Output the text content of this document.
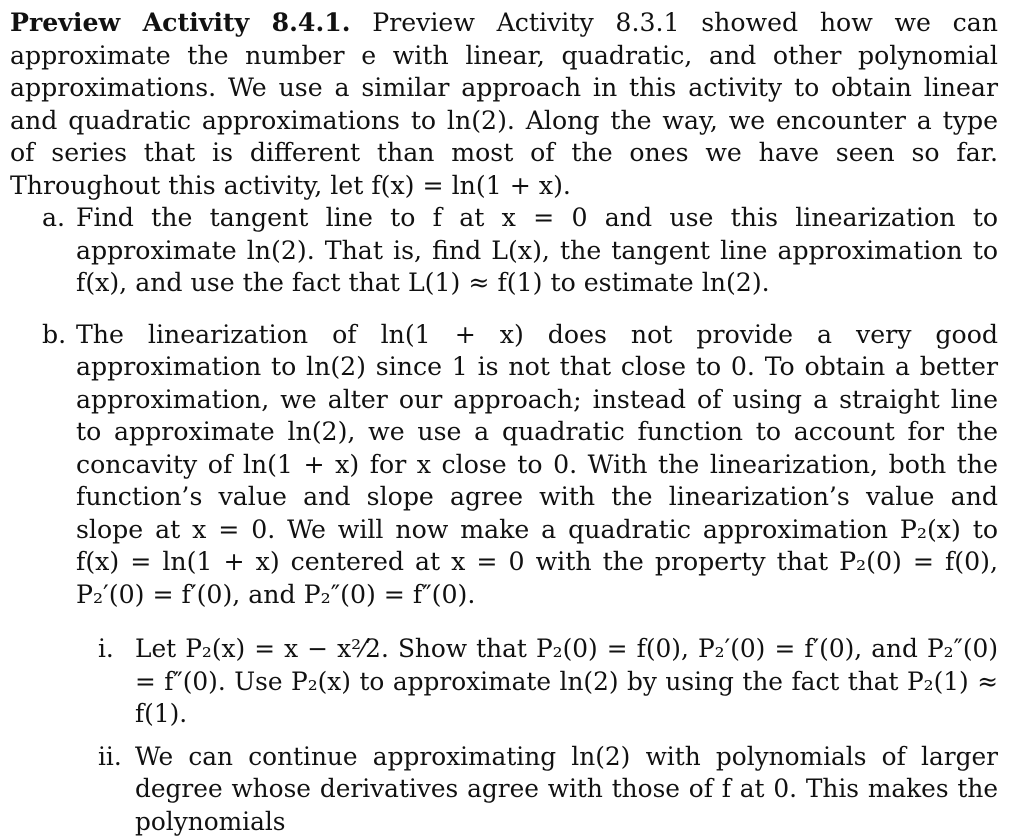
Preview Activity 8.4.1. Preview Activity 8.3.1 showed how we can approximate the number e with linear, quadratic, and other polynomial approximations. We use a similar approach in this activity to obtain linear and quadratic approximations to ln(2). Along the way, we encounter a type of series that is different than most of the ones we have seen so far. Throughout this activity, let f(x) = ln(1 + x).

a. Find the tangent line to f at x = 0 and use this linearization to approximate ln(2). That is, find L(x), the tangent line approximation to f(x), and use the fact that L(1) ≈ f(1) to estimate ln(2).
b. The linearization of ln(1 + x) does not provide a very good approximation to ln(2) since 1 is not that close to 0. To obtain a better approximation, we alter our approach; instead of using a straight line to approximate ln(2), we use a quadratic function to account for the concavity of ln(1 + x) for x close to 0. With the linearization, both the function’s value and slope agree with the linearization’s value and slope at x = 0. We will now make a quadratic approximation P₂(x) to f(x) = ln(1 + x) centered at x = 0 with the property that P₂(0) = f(0), P₂′(0) = f′(0), and P₂″(0) = f″(0).
i. Let P₂(x) = x − x²⁄2. Show that P₂(0) = f(0), P₂′(0) = f′(0), and P₂″(0) = f″(0). Use P₂(x) to approximate ln(2) by using the fact that P₂(1) ≈ f(1).
ii. We can continue approximating ln(2) with polynomials of larger degree whose derivatives agree with those of f at 0. This makes the polynomials
